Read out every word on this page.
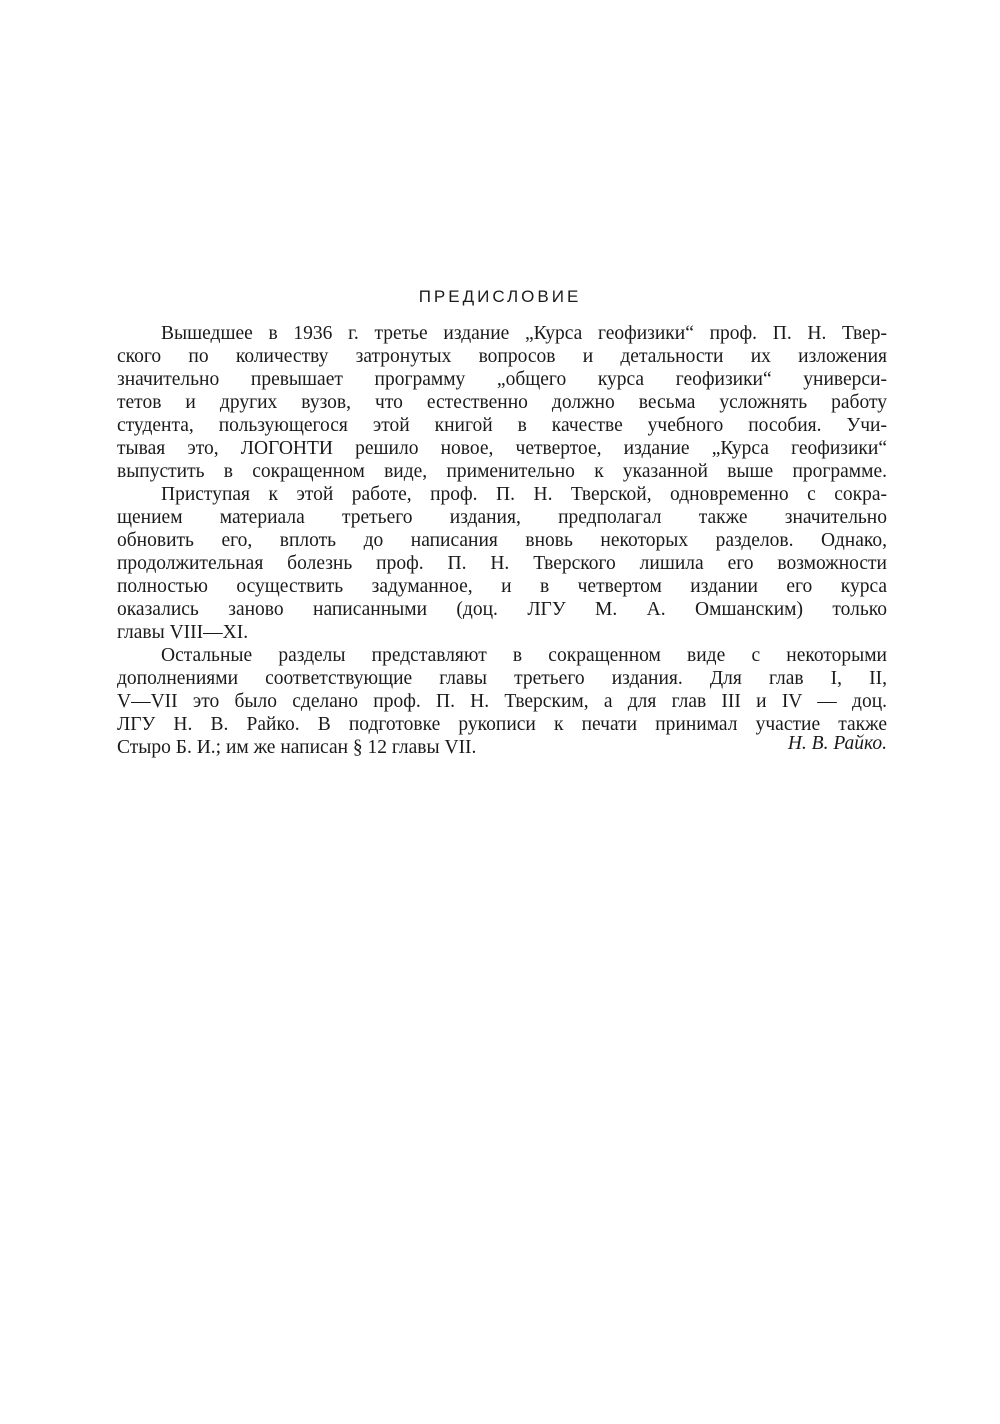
ПРЕДИСЛОВИЕ
Вышедшее в 1936 г. третье издание „Курса геофизики“ проф. П. Н. Твер-
ского по количеству затронутых вопросов и детальности их изложения
значительно превышает программу „общего курса геофизики“ универси-
тетов и других вузов, что естественно должно весьма усложнять работу
студента, пользующегося этой книгой в качестве учебного пособия. Учи-
тывая это, ЛОГОНТИ решило новое, четвертое, издание „Курса геофизики“
выпустить в сокращенном виде, применительно к указанной выше программе.
Приступая к этой работе, проф. П. Н. Тверской, одновременно с сокра-
щением материала третьего издания, предполагал также значительно
обновить его, вплоть до написания вновь некоторых разделов. Однако,
продолжительная болезнь проф. П. Н. Тверского лишила его возможности
полностью осуществить задуманное, и в четвертом издании его курса
оказались заново написанными (доц. ЛГУ М. А. Омшанским) только
главы VIII—XI.
Остальные разделы представляют в сокращенном виде с некоторыми
дополнениями соответствующие главы третьего издания. Для глав I, II,
V—VII это было сделано проф. П. Н. Тверским, а для глав III и IV — доц.
ЛГУ Н. В. Райко. В подготовке рукописи к печати принимал участие также
Стыро Б. И.; им же написан § 12 главы VII.	Н. В. Райко.
